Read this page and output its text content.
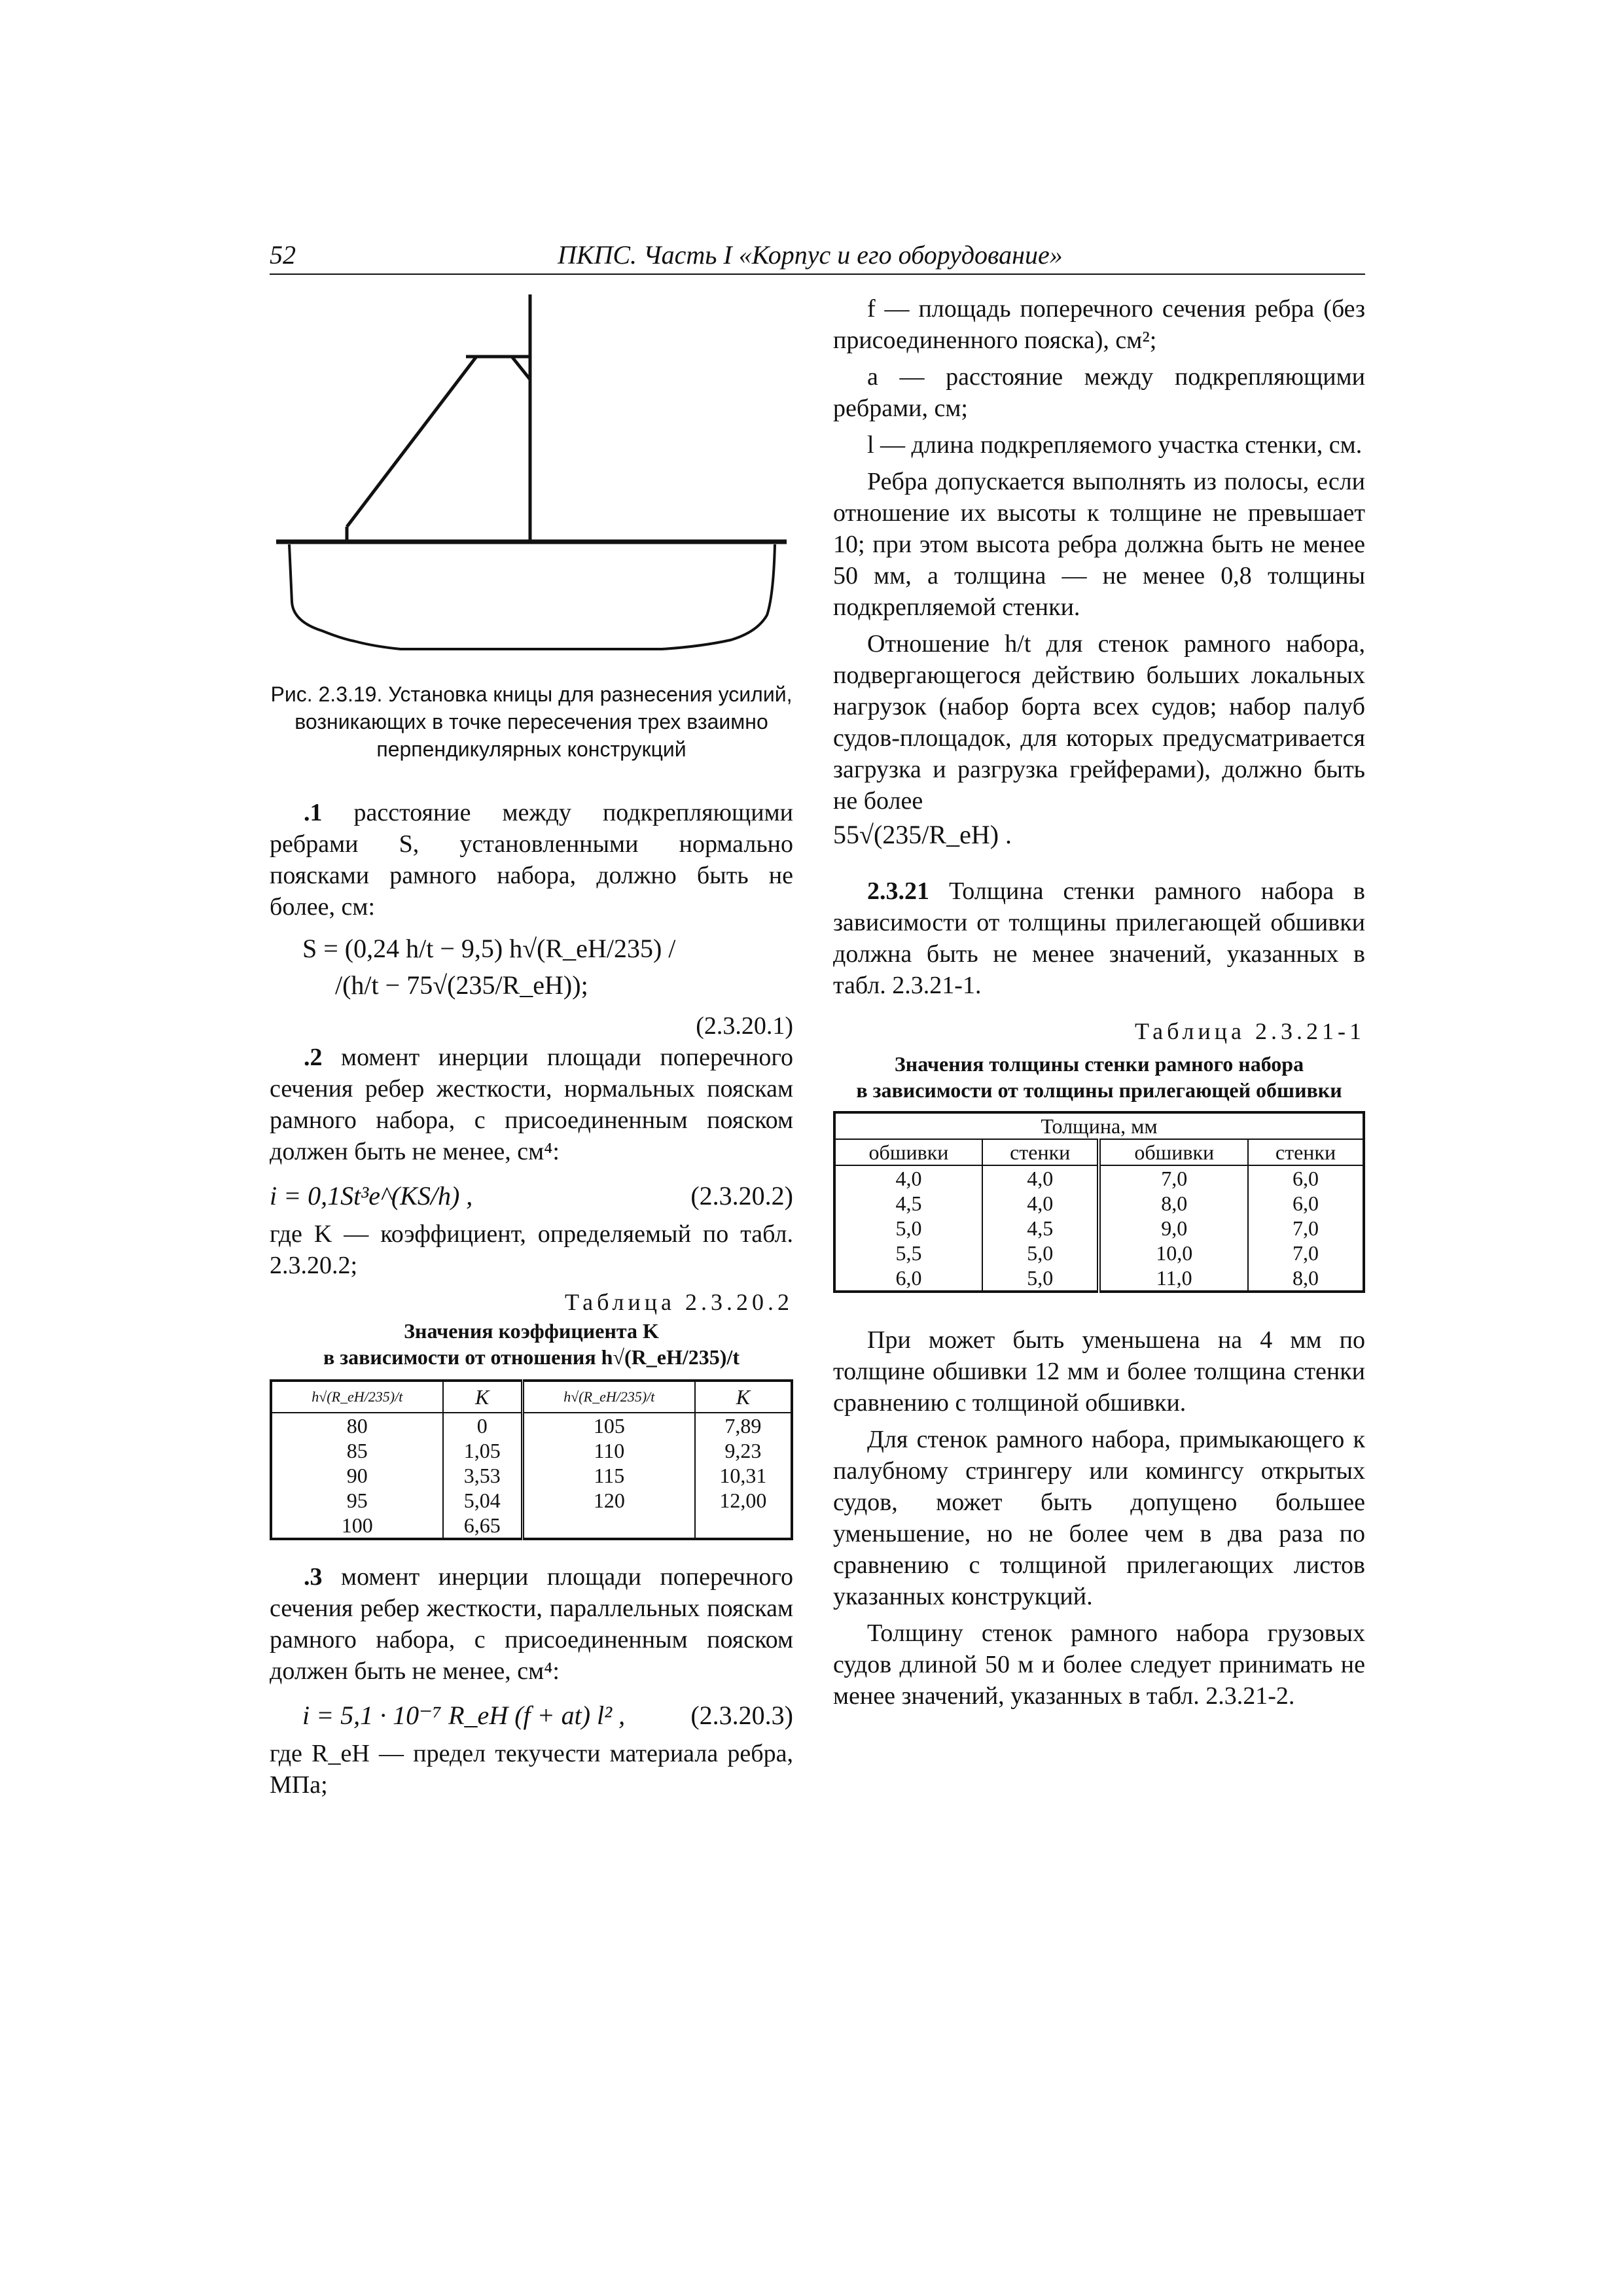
52	ПКПС. Часть I «Корпус и его оборудование»

Рис. 2.3.19. Установка кницы для разнесения усилий, возникающих в точке пересечения трех взаимно перпендикулярных конструкций

.1 расстояние между подкрепляющими ребрами S, установленными нормально поясками рамного набора, должно быть не более, см:

S = (0,24 h/t − 9,5) h√(R_eH/235) /

/(h/t − 75√(235/R_eH));

(2.3.20.1)

.2 момент инерции площади поперечного сечения ребер жесткости, нормальных пояскам рамного набора, с присоединенным пояском должен быть не менее, см⁴:

i = 0,1St³e^(KS/h) ,	(2.3.20.2)

где K — коэффициент, определяемый по табл. 2.3.20.2;

Таблица 2.3.20.2

Значения коэффициента K

в зависимости от отношения h√(R_eH/235)/t

h√(R_eH/235)/t	K	h√(R_eH/235)/t	K
80	0	105	7,89
85	1,05	110	9,23
90	3,53	115	10,31
95	5,04	120	12,00
100	6,65		

.3 момент инерции площади поперечного сечения ребер жесткости, параллельных пояскам рамного набора, с присоединенным пояском должен быть не менее, см⁴:

i = 5,1 · 10⁻⁷ R_eH (f + at) l² ,	(2.3.20.3)

где R_eH — предел текучести материала ребра, МПа;

f — площадь поперечного сечения ребра (без присоединенного пояска), см²;

a — расстояние между подкрепляющими ребрами, см;

l — длина подкрепляемого участка стенки, см.

Ребра допускается выполнять из полосы, если отношение их высоты к толщине не превышает 10; при этом высота ребра должна быть не менее 50 мм, а толщина — не менее 0,8 толщины подкрепляемой стенки.

Отношение h/t для стенок рамного набора, подвергающегося действию больших локальных нагрузок (набор борта всех судов; набор палуб судов-площадок, для которых предусматривается загрузка и разгрузка грейферами), должно быть не более

55√(235/R_eH) .

2.3.21 Толщина стенки рамного набора в зависимости от толщины прилегающей обшивки должна быть не менее значений, указанных в табл. 2.3.21-1.

Таблица 2.3.21-1

Значения толщины стенки рамного набора

в зависимости от толщины прилегающей обшивки

Толщина, мм			
обшивки	стенки	обшивки	стенки
4,0	4,0	7,0	6,0
4,5	4,0	8,0	6,0
5,0	4,5	9,0	7,0
5,5	5,0	10,0	7,0
6,0	5,0	11,0	8,0

При может быть уменьшена на 4 мм по толщине обшивки 12 мм и более толщина стенки сравнению с толщиной обшивки.

Для стенок рамного набора, примыкающего к палубному стрингеру или комингсу открытых судов, может быть допущено большее уменьшение, но не более чем в два раза по сравнению с толщиной прилегающих листов указанных конструкций.

Толщину стенок рамного набора грузовых судов длиной 50 м и более следует принимать не менее значений, указанных в табл. 2.3.21-2.
